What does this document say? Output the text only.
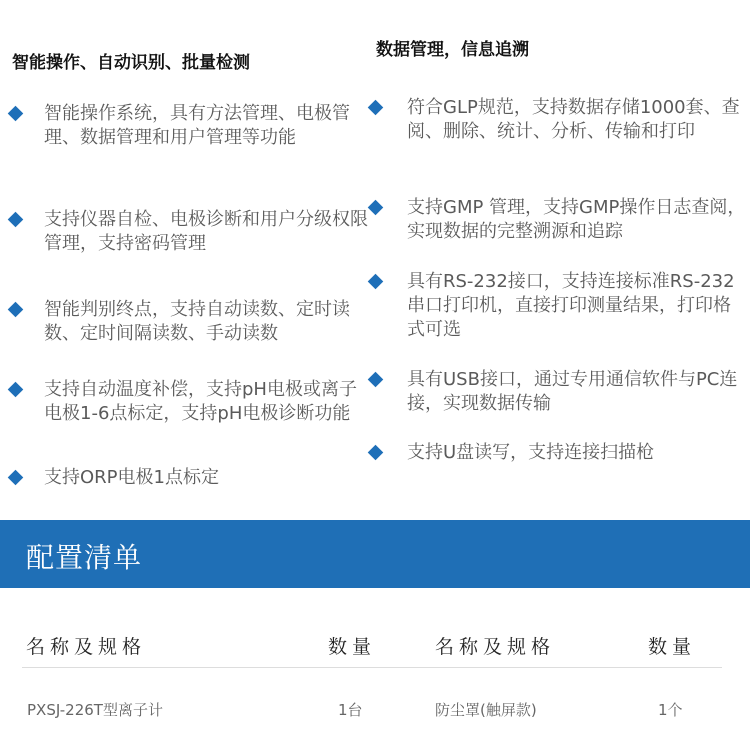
智能操作、自动识别、批量检测
智能操作系统，具有方法管理、电极管理、数据管理和用户管理等功能
支持仪器自检、电极诊断和用户分级权限管理，支持密码管理
智能判别终点，支持自动读数、定时读数、定时间隔读数、手动读数
支持自动温度补偿，支持pH电极或离子电极1-6点标定，支持pH电极诊断功能
支持ORP电极1点标定
数据管理，信息追溯
符合GLP规范，支持数据存储1000套、查阅、删除、统计、分析、传输和打印
支持GMP 管理，支持GMP操作日志查阅，实现数据的完整溯源和追踪
具有RS-232接口，支持连接标准RS-232串口打印机，直接打印测量结果，打印格式可选
具有USB接口，通过专用通信软件与PC连接，实现数据传输
支持U盘读写，支持连接扫描枪
配置清单
名称及规格	数量	名称及规格	数量
PXSJ-226T型离子计	1台	防尘罩(触屏款)	1个
